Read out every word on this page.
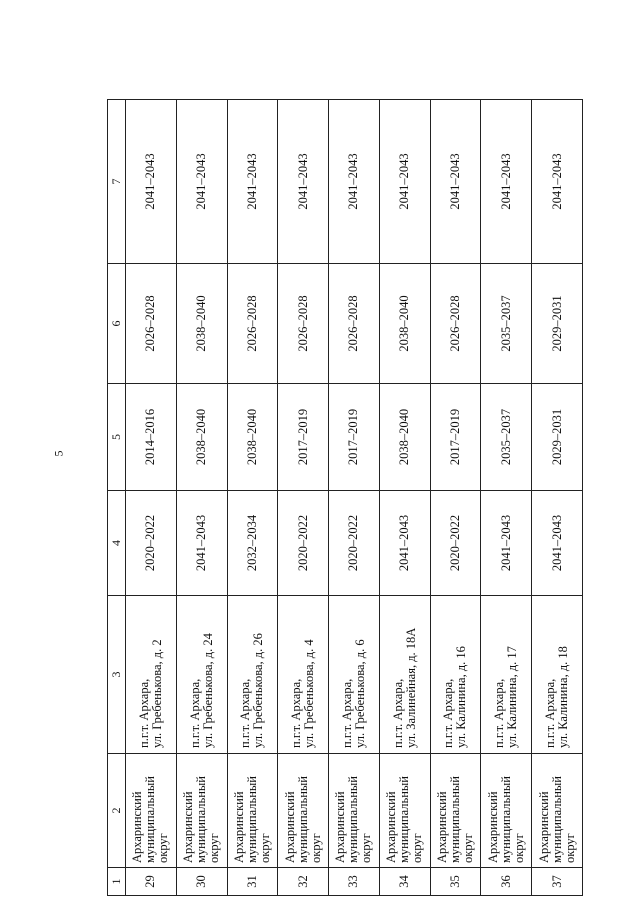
5
1	2	3	4	5	6	7
29	Архаринский муниципальный округ	п.г.т. Архара,
ул. Гребенькова, д. 2	2020–2022	2014–2016	2026–2028	2041–2043
30	Архаринский муниципальный округ	п.г.т. Архара,
ул. Гребенькова, д. 24	2041–2043	2038–2040	2038–2040	2041–2043
31	Архаринский муниципальный округ	п.г.т. Архара,
ул. Гребенькова, д. 26	2032–2034	2038–2040	2026–2028	2041–2043
32	Архаринский муниципальный округ	п.г.т. Архара,
ул. Гребенькова, д. 4	2020–2022	2017–2019	2026–2028	2041–2043
33	Архаринский муниципальный округ	п.г.т. Архара,
ул. Гребенькова, д. 6	2020–2022	2017–2019	2026–2028	2041–2043
34	Архаринский муниципальный округ	п.г.т. Архара,
ул. Залинейная, д. 18А	2041–2043	2038–2040	2038–2040	2041–2043
35	Архаринский муниципальный округ	п.г.т. Архара,
ул. Калинина, д. 16	2020–2022	2017–2019	2026–2028	2041–2043
36	Архаринский муниципальный округ	п.г.т. Архара,
ул. Калинина, д. 17	2041–2043	2035–2037	2035–2037	2041–2043
37	Архаринский муниципальный округ	п.г.т. Архара,
ул. Калинина, д. 18	2041–2043	2029–2031	2029–2031	2041–2043
